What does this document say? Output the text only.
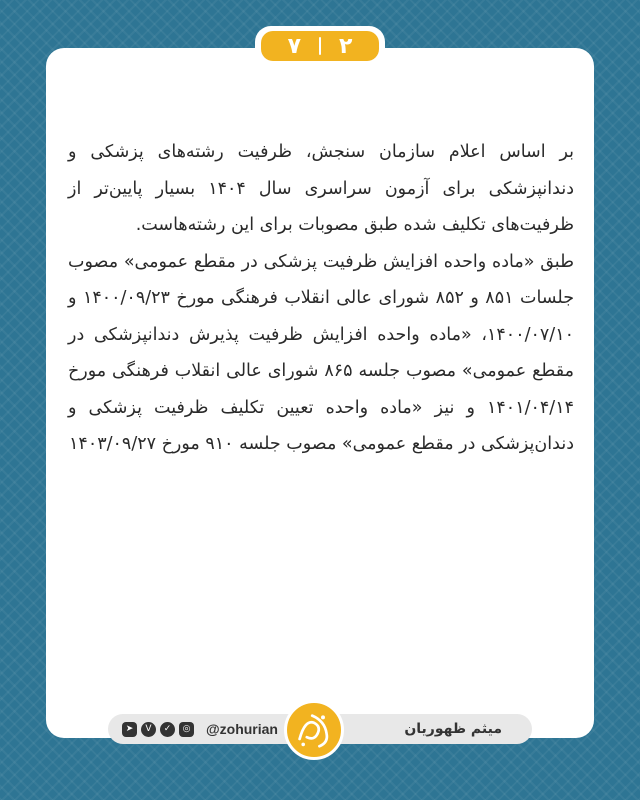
۲
۷

بر اساس اعلام سازمان سنجش، ظرفیت رشته‌های پزشکی و دندانپزشکی برای آزمون سراسری سال ۱۴۰۴ بسیار پایین‌تر از ظرفیت‌های تکلیف شده طبق مصوبات برای این رشته‌هاست.

طبق «ماده واحده افزایش ظرفیت پزشکی در مقطع عمومی» مصوب جلسات ۸۵۱ و ۸۵۲ شورای عالی انقلاب فرهنگی مورخ ۱۴۰۰/۰۹/۲۳ و ۱۴۰۰/۰۷/۱۰، «ماده واحده افزایش ظرفیت پذیرش دندانپزشکی در مقطع عمومی» مصوب جلسه ۸۶۵ شورای عالی انقلاب فرهنگی مورخ ۱۴۰۱/۰۴/۱۴ و نیز «ماده واحده تعیین تکلیف ظرفیت پزشکی و دندان‌پزشکی در مقطع عمومی» مصوب جلسه ۹۱۰ مورخ ۱۴۰۳/۰۹/۲۷

میثم ظهوریان
➤	V	✓	◎ @zohurian
